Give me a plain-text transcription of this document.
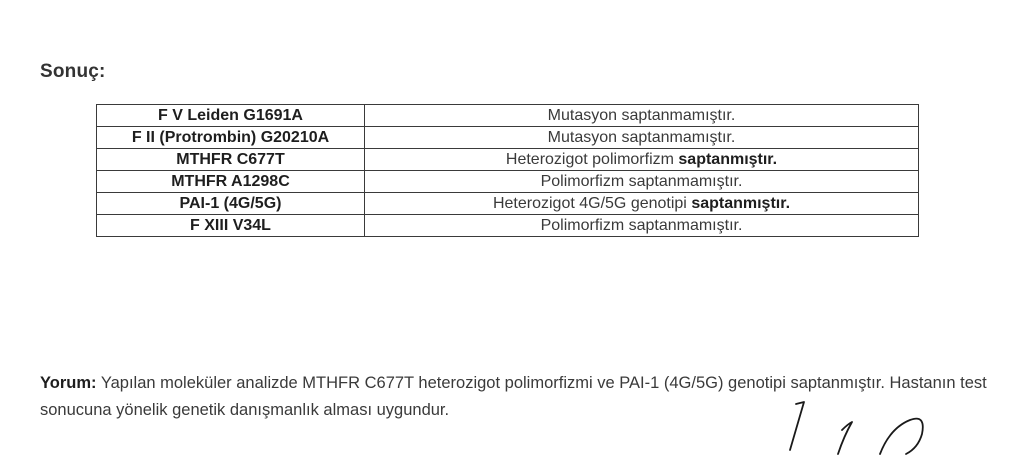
Sonuç:
F V Leiden G1691A	Mutasyon saptanmamıştır.
F II (Protrombin) G20210A	Mutasyon saptanmamıştır.
MTHFR C677T	Heterozigot polimorfizm saptanmıştır.
MTHFR A1298C	Polimorfizm saptanmamıştır.
PAI-1 (4G/5G)	Heterozigot 4G/5G genotipi saptanmıştır.
F XIII V34L	Polimorfizm saptanmamıştır.
Yorum: Yapılan moleküler analizde MTHFR C677T heterozigot polimorfizmi ve PAI-1 (4G/5G) genotipi saptanmıştır. Hastanın test sonucuna yönelik genetik danışmanlık alması uygundur.
